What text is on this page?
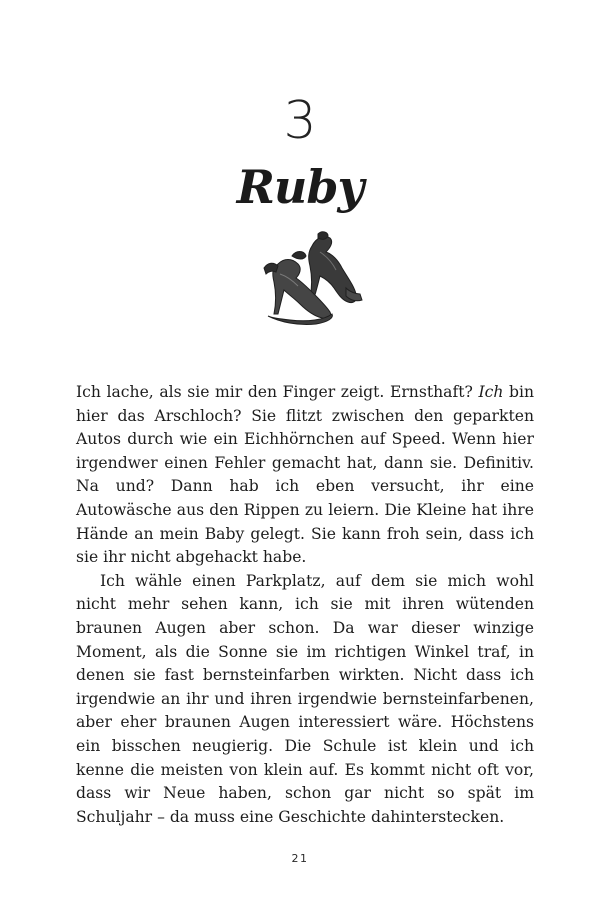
3
Ruby

Ich lache, als sie mir den Finger zeigt. Ernsthaft? Ich bin hier das Arschloch? Sie flitzt zwischen den geparkten Autos durch wie ein Eichhörnchen auf Speed. Wenn hier irgendwer einen Fehler gemacht hat, dann sie. Definitiv. Na und? Dann hab ich eben versucht, ihr eine Autowäsche aus den Rippen zu leiern. Die Kleine hat ihre Hände an mein Baby gelegt. Sie kann froh sein, dass ich sie ihr nicht abgehackt habe.

Ich wähle einen Parkplatz, auf dem sie mich wohl nicht mehr sehen kann, ich sie mit ihren wütenden braunen Augen aber schon. Da war dieser winzige Moment, als die Sonne sie im richtigen Winkel traf, in denen sie fast bernsteinfarben wirkten. Nicht dass ich irgendwie an ihr und ihren irgendwie bernsteinfarbenen, aber eher braunen Augen interessiert wäre. Höchstens ein bisschen neugierig. Die Schule ist klein und ich kenne die meisten von klein auf. Es kommt nicht oft vor, dass wir Neue haben, schon gar nicht so spät im Schuljahr – da muss eine Geschichte dahinterstecken.

21
